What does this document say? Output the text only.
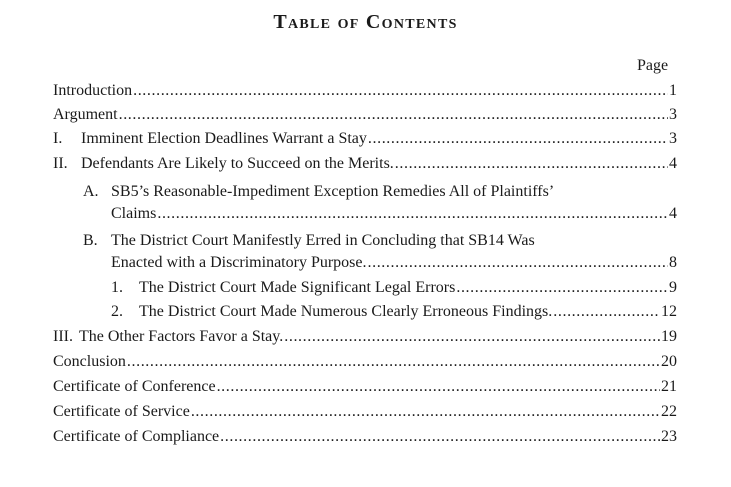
Table of Contents
Page
Introduction .....	1
Argument .....	3
I.	Imminent Election Deadlines Warrant a Stay .....	3
II. Defendants Are Likely to Succeed on the Merits. .....	4
A. SB5’s Reasonable-Impediment Exception Remedies All of Plaintiffs’
Claims .....	4
B. The District Court Manifestly Erred in Concluding that SB14 Was
Enacted with a Discriminatory Purpose. .....	8
1.	The District Court Made Significant Legal Errors .....	9
2.	The District Court Made Numerous Clearly Erroneous Findings. .....	12
III. The Other Factors Favor a Stay. .....	19
Conclusion .....	20
Certificate of Conference .....	21
Certificate of Service .....	22
Certificate of Compliance .....	23
